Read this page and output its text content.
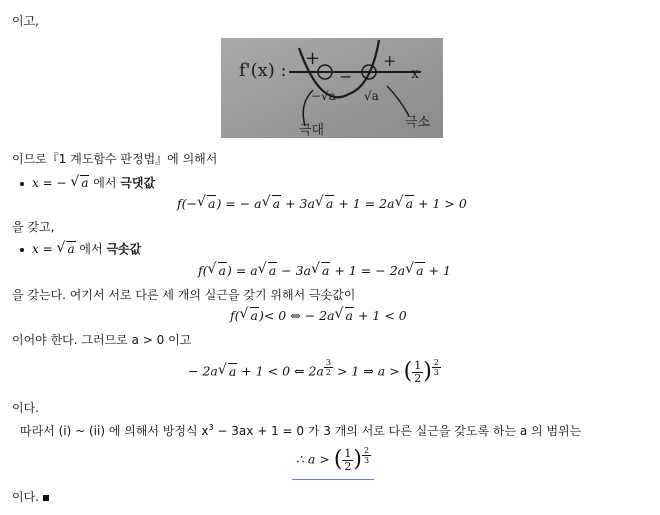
이고,
f'(x) :
+
−
+
x
−√a √a
극대
극소
이므로『1 계도함수 판정법』에 의해서
x = − √ a 에서 극댓값
f(− √ a) = − a √ a + 3a √ a + 1 = 2a √ a + 1 > 0
을 갖고,
x = √ a 에서 극솟값
f( √ a) = a √ a − 3a √ a + 1 = − 2a √ a + 1
을 갖는다. 여기서 서로 다른 세 개의 실근을 갖기 위해서 극솟값이
f( √ a)< 0 ⇔ − 2a √ a + 1 < 0
이어야 한다. 그러므로 a > 0 이고
− 2a √ a + 1 < 0 ⇐ 2a $^{\frac{3}{2}}$ > 1 ⇒ a > ( $\frac{1}{2}$ ) $^{\frac{2}{3}}$
이다.
따라서 (i) ~ (ii) 에 의해서 방정식 $x^3 - 3ax + 1 = 0$ 가 3 개의 서로 다른 실근을 갖도록 하는 a 의 범위는
∴ a > ( $\frac{1}{2}$ ) $^{\frac{2}{3}}$
이다.
